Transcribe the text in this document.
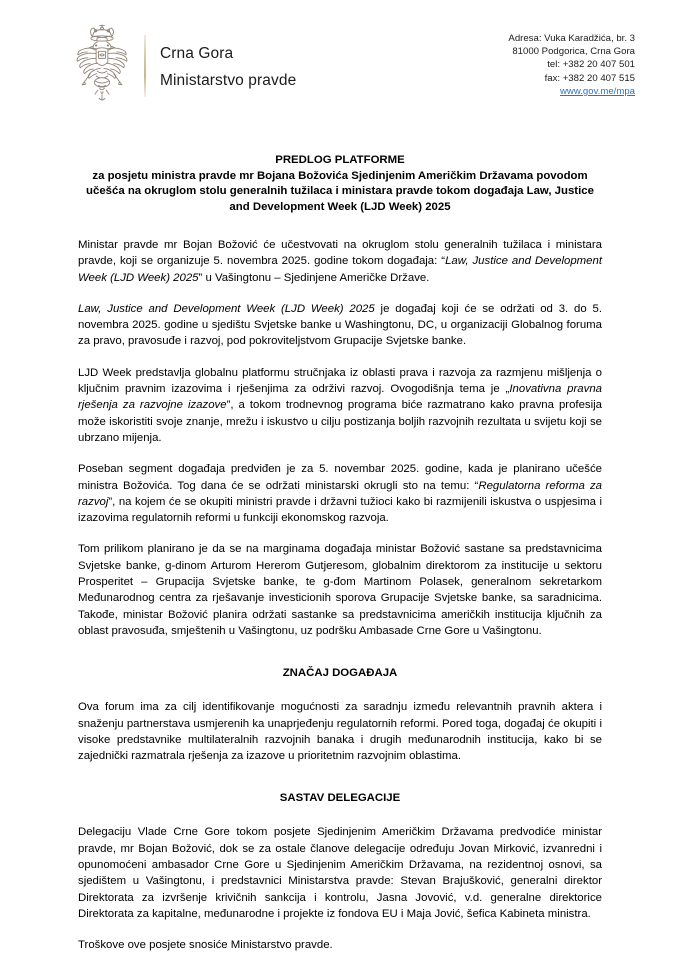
Crna Gora
Ministarstvo pravde
Adresa: Vuka Karadžića, br. 3
81000 Podgorica, Crna Gora
tel: +382 20 407 501
fax: +382 20 407 515
www.gov.me/mpa
PREDLOG PLATFORME
za posjetu ministra pravde mr Bojana Božovića Sjedinjenim Američkim Državama povodom učešća na okruglom stolu generalnih tužilaca i ministara pravde tokom događaja Law, Justice and Development Week (LJD Week) 2025

Ministar pravde mr Bojan Božović će učestvovati na okruglom stolu generalnih tužilaca i ministara pravde, koji se organizuje 5. novembra 2025. godine tokom događaja: “Law, Justice and Development Week (LJD Week) 2025” u Vašingtonu – Sjedinjene Američke Države.

Law, Justice and Development Week (LJD Week) 2025 je događaj koji će se održati od 3. do 5. novembra 2025. godine u sjedištu Svjetske banke u Washingtonu, DC, u organizaciji Globalnog foruma za pravo, pravosuđe i razvoj, pod pokroviteljstvom Grupacije Svjetske banke.

LJD Week predstavlja globalnu platformu stručnjaka iz oblasti prava i razvoja za razmjenu mišljenja o ključnim pravnim izazovima i rješenjima za održivi razvoj. Ovogodišnja tema je „Inovativna pravna rješenja za razvojne izazove”, a tokom trodnevnog programa biće razmatrano kako pravna profesija može iskoristiti svoje znanje, mrežu i iskustvo u cilju postizanja boljih razvojnih rezultata u svijetu koji se ubrzano mijenja.

Poseban segment događaja predviđen je za 5. novembar 2025. godine, kada je planirano učešće ministra Božovića. Tog dana će se održati ministarski okrugli sto na temu: “Regulatorna reforma za razvoj”, na kojem će se okupiti ministri pravde i državni tužioci kako bi razmijenili iskustva o uspjesima i izazovima regulatornih reformi u funkciji ekonomskog razvoja.

Tom prilikom planirano je da se na marginama događaja ministar Božović sastane sa predstavnicima Svjetske banke, g-dinom Arturom Hererom Gutjeresom, globalnim direktorom za institucije u sektoru Prosperitet – Grupacija Svjetske banke, te g-đom Martinom Polasek, generalnom sekretarkom Međunarodnog centra za rješavanje investicionih sporova Grupacije Svjetske banke, sa saradnicima. Takođe, ministar Božović planira održati sastanke sa predstavnicima američkih institucija ključnih za oblast pravosuđa, smještenih u Vašingtonu, uz podršku Ambasade Crne Gore u Vašingtonu.

ZNAČAJ DOGAĐAJA

Ova forum ima za cilj identifikovanje mogućnosti za saradnju između relevantnih pravnih aktera i snaženju partnerstava usmjerenih ka unaprjeđenju regulatornih reformi. Pored toga, događaj će okupiti i visoke predstavnike multilateralnih razvojnih banaka i drugih međunarodnih institucija, kako bi se zajednički razmatrala rješenja za izazove u prioritetnim razvojnim oblastima.

SASTAV DELEGACIJE

Delegaciju Vlade Crne Gore tokom posjete Sjedinjenim Američkim Državama predvodiće ministar pravde, mr Bojan Božović, dok se za ostale članove delegacije određuju Jovan Mirković, izvanredni i opunomoćeni ambasador Crne Gore u Sjedinjenim Američkim Državama, na rezidentnoj osnovi, sa sjedištem u Vašingtonu, i predstavnici Ministarstva pravde: Stevan Brajušković, generalni direktor Direktorata za izvršenje krivičnih sankcija i kontrolu, Jasna Jovović, v.d. generalne direktorice Direktorata za kapitalne, međunarodne i projekte iz fondova EU i Maja Jović, šefica Kabineta ministra.

Troškove ove posjete snosiće Ministarstvo pravde.
